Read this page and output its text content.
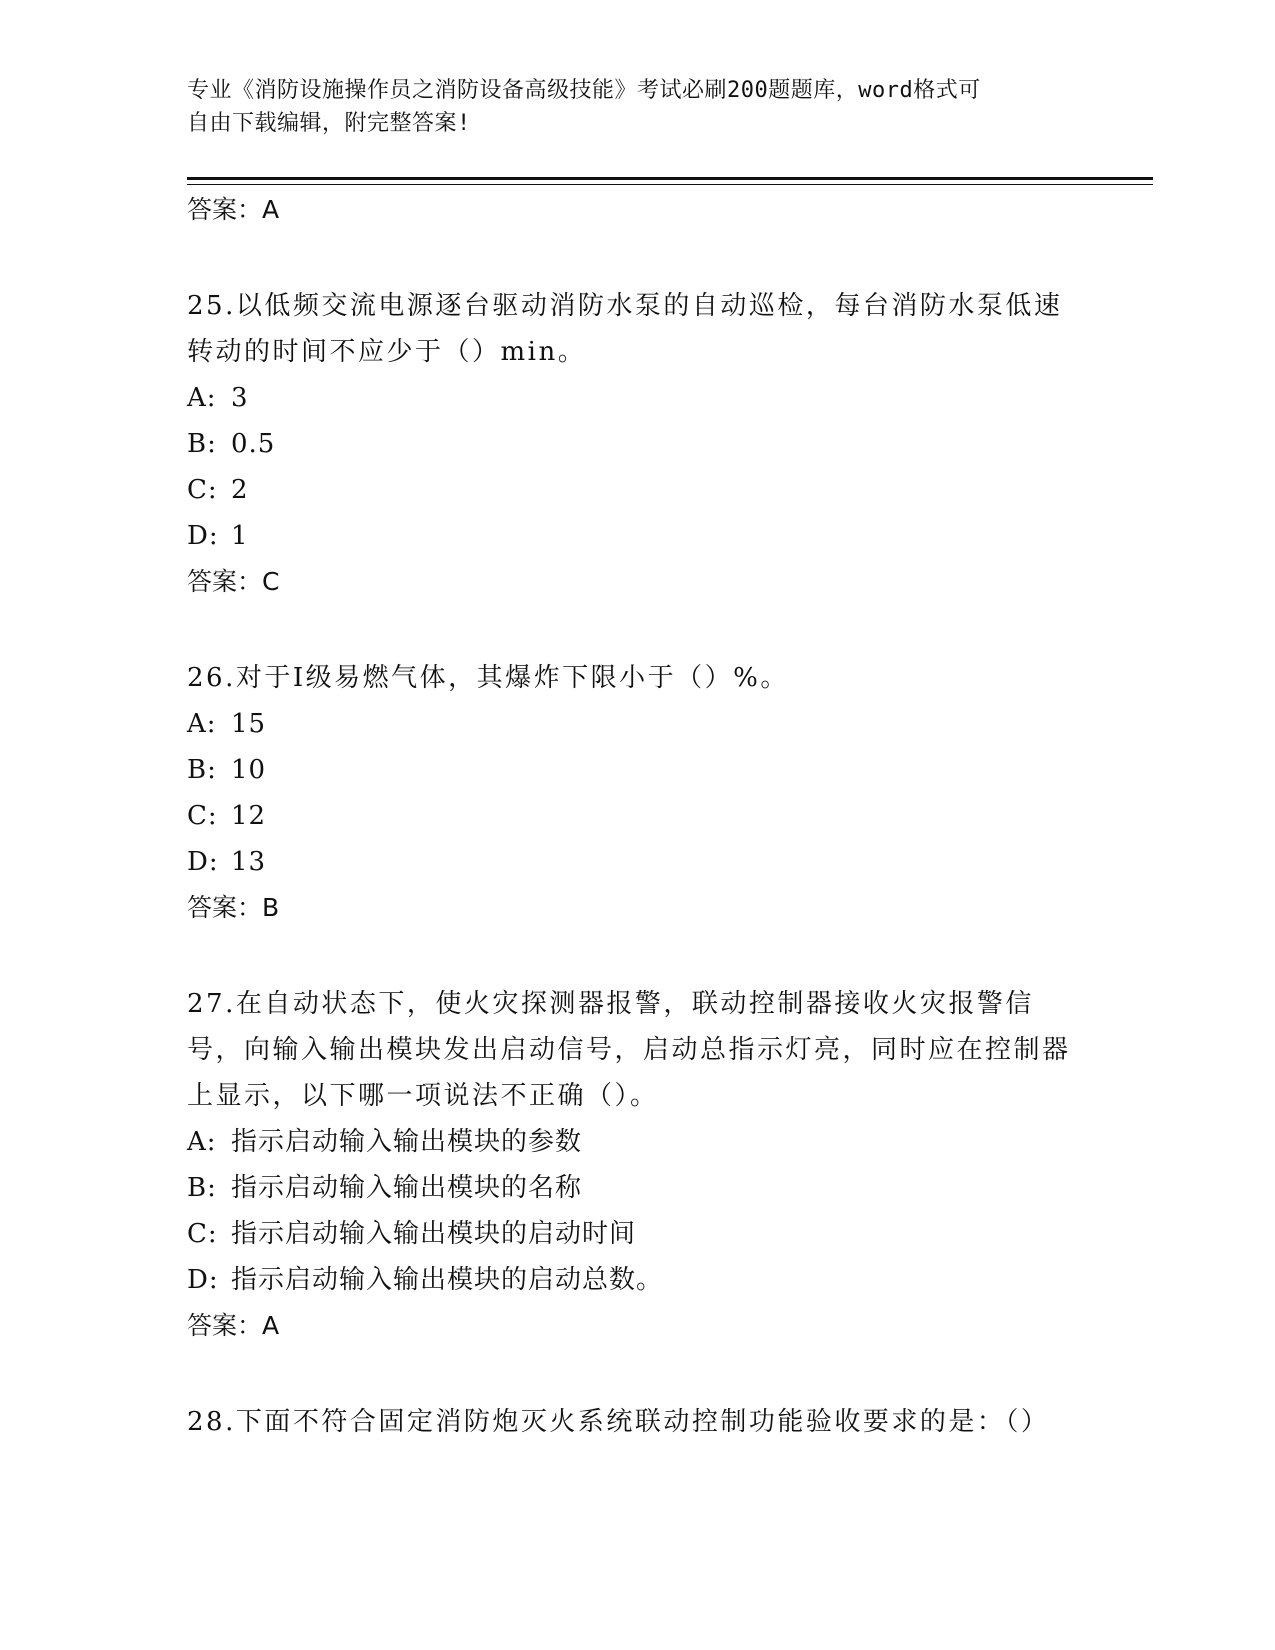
专业《消防设施操作员之消防设备高级技能》考试必刷200题题库，word格式可
自由下载编辑，附完整答案!
答案：A
25.以低频交流电源逐台驱动消防水泵的自动巡检，每台消防水泵低速转动的时间不应少于（）min。
A: 3
B: 0.5
C: 2
D: 1
答案：C
26.对于Ⅰ级易燃气体，其爆炸下限小于（）%。
A: 15
B: 10
C: 12
D: 13
答案：B
27.在自动状态下，使火灾探测器报警，联动控制器接收火灾报警信号，向输入输出模块发出启动信号，启动总指示灯亮，同时应在控制器上显示，以下哪一项说法不正确（）。
A: 指示启动输入输出模块的参数
B: 指示启动输入输出模块的名称
C: 指示启动输入输出模块的启动时间
D: 指示启动输入输出模块的启动总数。
答案：A
28.下面不符合固定消防炮灭火系统联动控制功能验收要求的是：（）
